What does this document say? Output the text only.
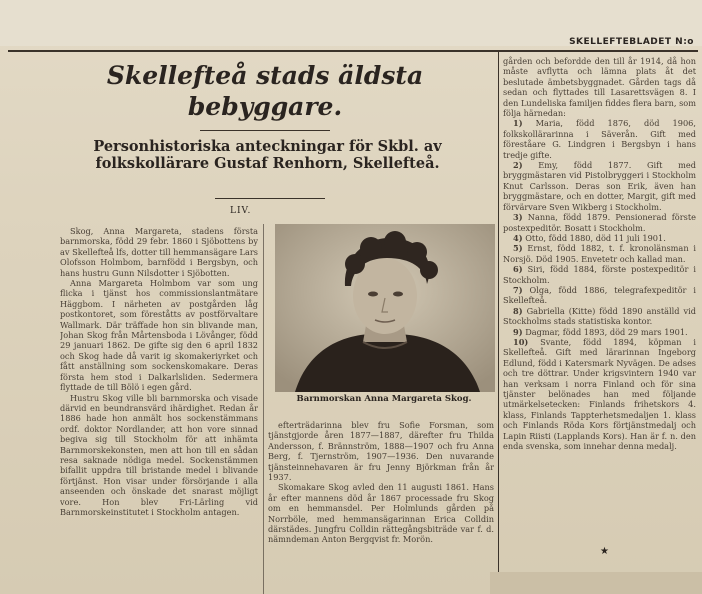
SKELLEFTEBLADET N:o
Skellefteå stads äldsta
bebyggare.
Personhistoriska anteckningar för Skbl. av folkskollärare Gustaf Renhorn, Skellefteå.
LIV.

Skog, Anna Margareta, stadens första barnmorska, född 29 febr. 1860 i Sjöbottens by av Skellefteå lfs, dotter till hemmansägare Lars Olofsson Holmbom, barnfödd i Bergsbyn, och hans hustru Gunn Nilsdotter i Sjöbotten.

Anna Margareta Holmbom var som ung flicka i tjänst hos commissionslantmätare Häggbom. I närheten av postgården låg postkontoret, som föreståtts av postförvaltare Wallmark. Där träffade hon sin blivande man, Johan Skog från Mårtensboda i Lövånger, född 29 januari 1862. De gifte sig den 6 april 1832 och Skog hade då varit ig skomakeriyrket och fått anställning som sockenskomakare. Deras första hem stod i Dalkarlsliden. Sedermera flyttade de till Bölö i egen gård.

Hustru Skog ville bli barnmorska och visade därvid en beundransvärd ihärdighet. Redan år 1886 hade hon anmält hos sockenstämmans ordf. doktor Nordlander, att hon vore sinnad begiva sig till Stockholm för att inhämta Barnmorskekonsten, men att hon till en sådan resa saknade nödiga medel. Sockenstämmen bifallit uppdra till bristande medel i blivande förtjänst. Hon visar under försörjande i alla anseenden och önskade det snarast möjligt vore. Hon blev Fri-Lärling vid Barnmorskeinstitutet i Stockholm antagen.

Barnmorskan Anna Margareta Skog.

efterträdarinna blev fru Sofie Forsman, som tjänstgjorde åren 1877—1887, därefter fru Thilda Andersson, f. Brännström, 1888—1907 och fru Anna Berg, f. Tjernström, 1907—1936. Den nuvarande tjänsteinnehavaren är fru Jenny Björkman från år 1937.

Skomakare Skog avled den 11 augusti 1861. Hans år efter mannens död år 1867 processade fru Skog om en hemmansdel. Per Holmlunds gården på Norrböle, med hemmansägarinnan Erica Colldin därstädes. Jungfru Colldin rättegångsbiträde var f. d. nämndeman Anton Bergqvist fr. Morön.

gården och befordde den till år 1914, då hon måste avflytta och lämna plats åt det beslutade ämbetsbyggnadet. Gården tags då sedan och flyttades till Lasarettsvägen 8. I den Lundeliska familjen fiddes flera barn, som följa härnedan:

1) Maria, född 1876, död 1906, folkskollärarinna i Säverån. Gift med föreståare G. Lindgren i Bergsbyn i hans tredje gifte.

2) Emy, född 1877. Gift med bryggmästaren vid Pistolbryggeri i Stockholm Knut Carlsson. Deras son Erik, även han bryggmästare, och en dotter, Margit, gift med förvärvare Sven Wikberg i Stockholm.

3) Nanna, född 1879. Pensionerad förste postexpeditör. Bosatt i Stockholm.

4) Otto, född 1880, död 11 juli 1901.

5) Ernst, född 1882, t. f. kronolänsman i Norsjö. Död 1905. Envetetr och kallad man.

6) Siri, född 1884, förste postexpeditör i Stockholm.

7) Olga, född 1886, telegrafexpeditör i Skellefteå.

8) Gabriella (Kitte) född 1890 anställd vid Stockholms stads statistiska kontor.

9) Dagmar, född 1893, död 29 mars 1901.

10) Svante, född 1894, köpman i Skellefteå. Gift med lärarinnan Ingeborg Edlund, född i Katersmark Nyvägen. De adses och tre döttrar. Under krigsvintern 1940 var han verksam i norra Finland och för sina tjänster belönades han med följande utmärkelsetecken: Finlands frihetskors 4. klass, Finlands Tappterhetsmedaljen 1. klass och Finlands Röda Kors förtjänstmedalj och Lapin Riisti (Lapplands Kors). Han är f. n. den enda svenska, som innehar denna medalj.

★
